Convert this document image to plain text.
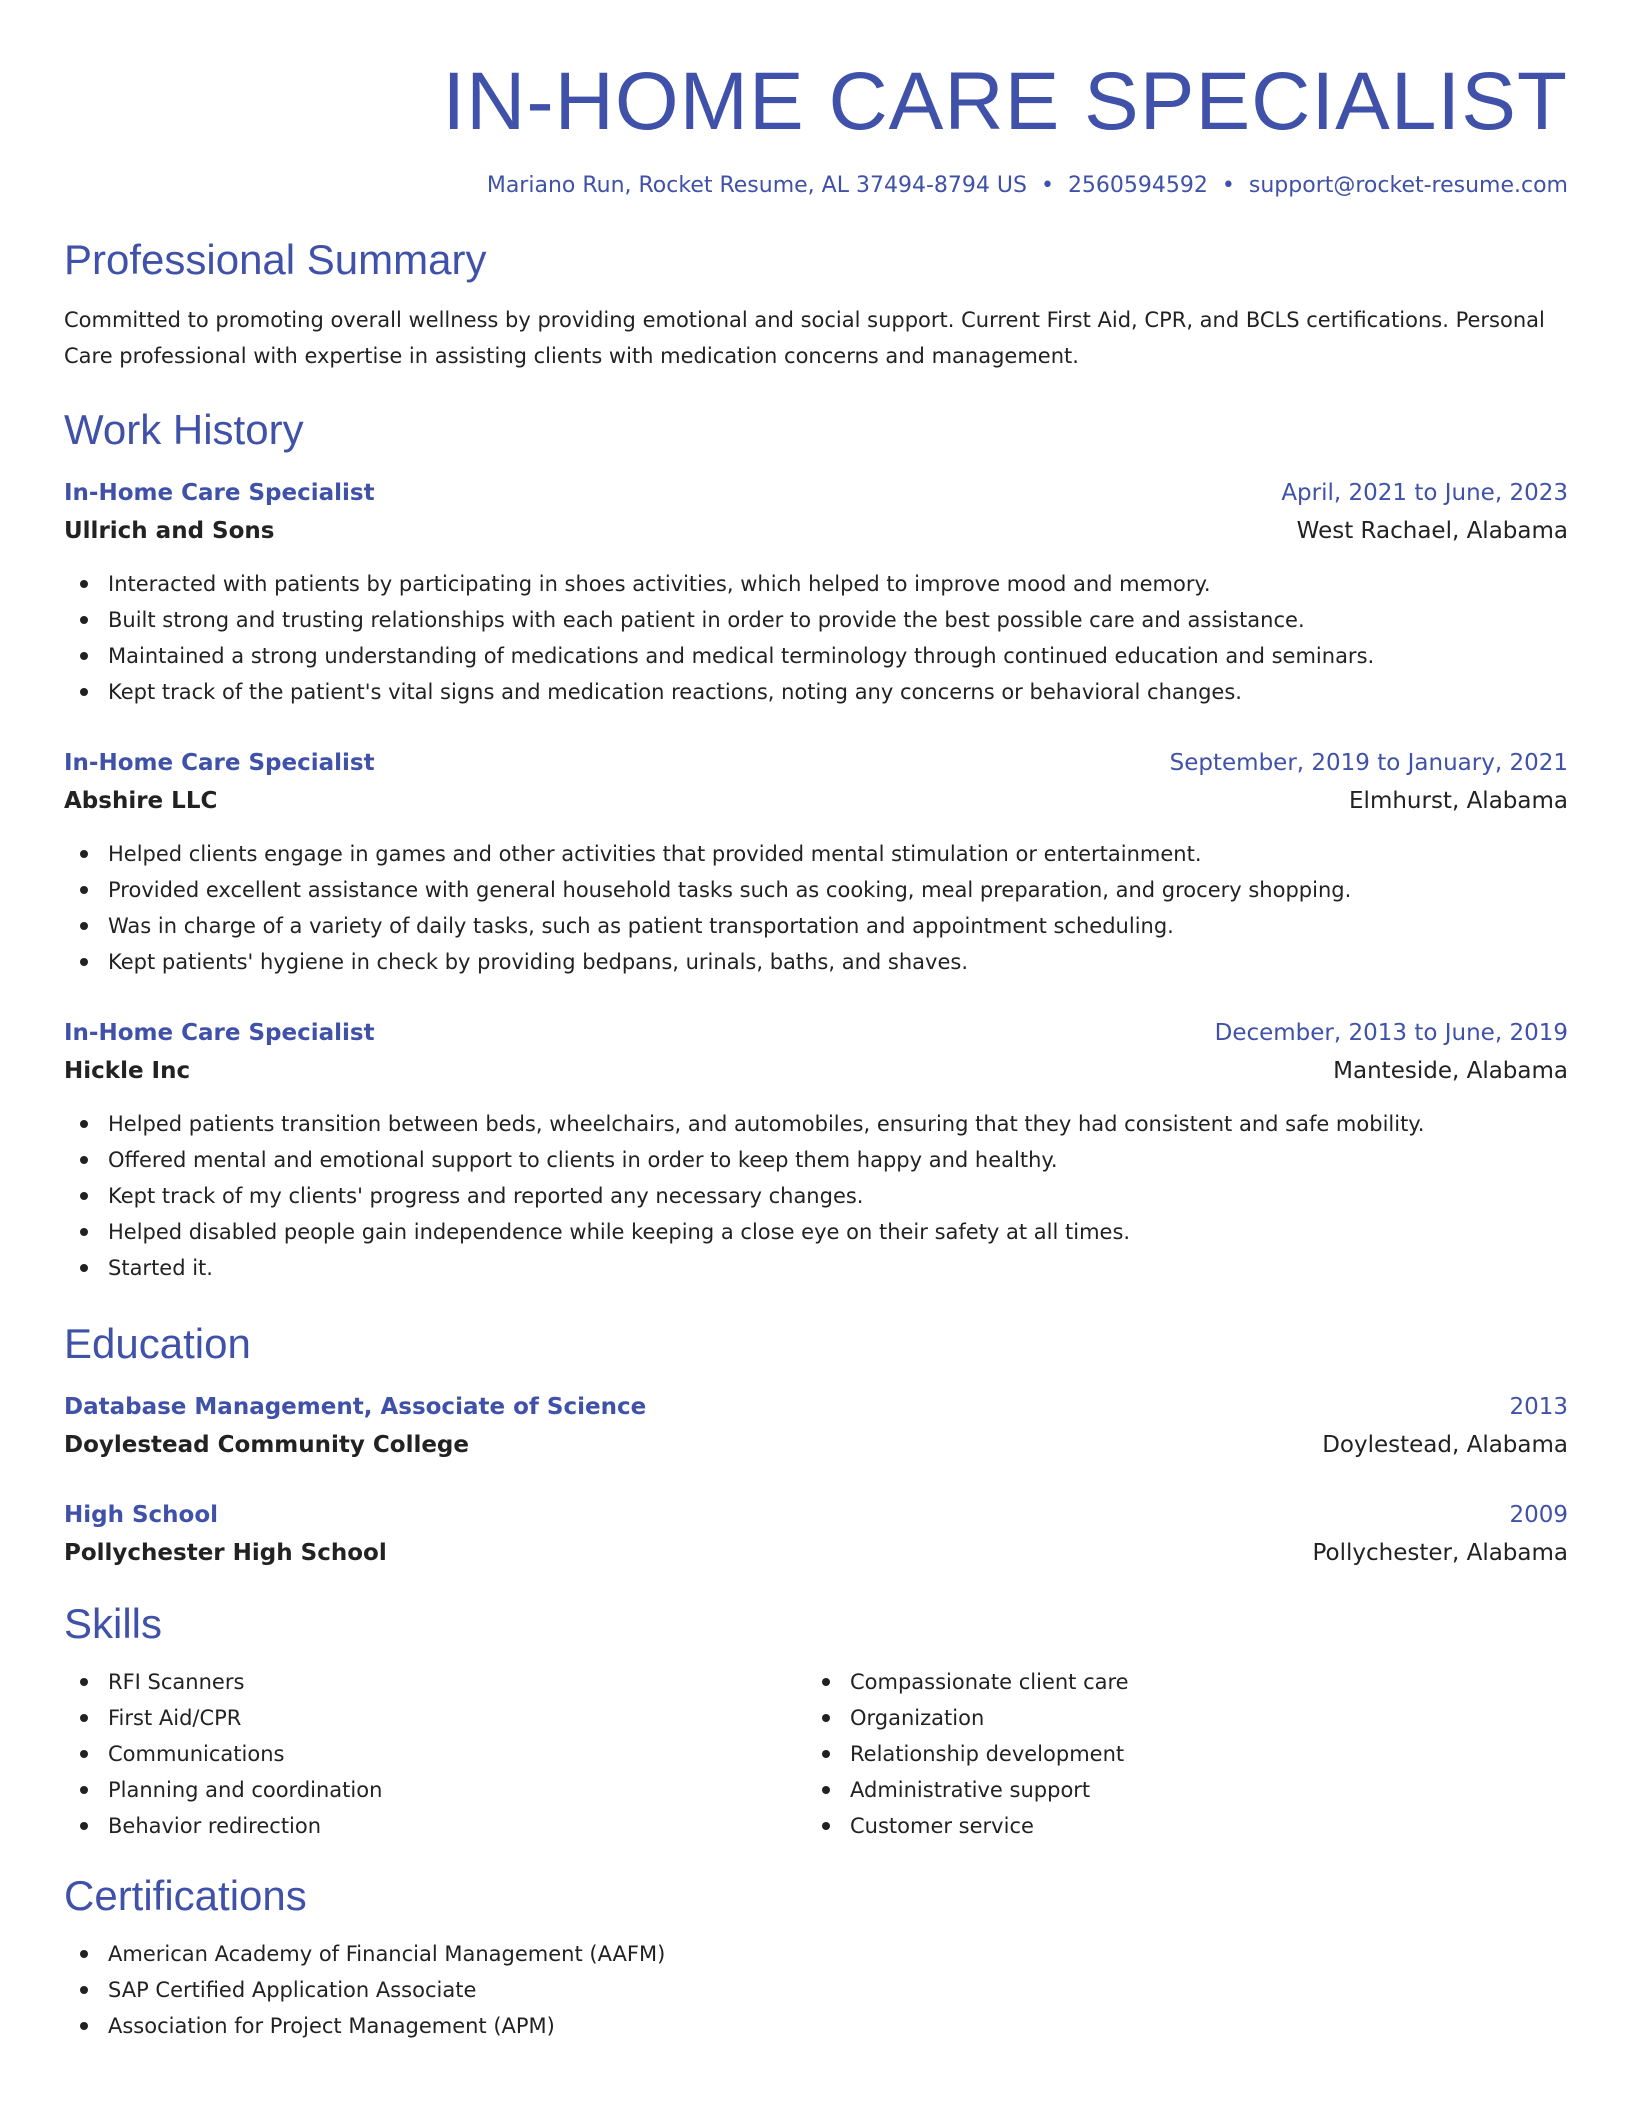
IN-HOME CARE SPECIALIST
Mariano Run, Rocket Resume, AL 37494-8794 US • 2560594592 • support@rocket-resume.com
Professional Summary

Committed to promoting overall wellness by providing emotional and social support. Current First Aid, CPR, and BCLS certifications. Personal Care professional with expertise in assisting clients with medication concerns and management.

Work History
In-Home Care Specialist	April, 2021 to June, 2023
Ullrich and Sons	West Rachael, Alabama
Interacted with patients by participating in shoes activities, which helped to improve mood and memory.
Built strong and trusting relationships with each patient in order to provide the best possible care and assistance.
Maintained a strong understanding of medications and medical terminology through continued education and seminars.
Kept track of the patient's vital signs and medication reactions, noting any concerns or behavioral changes.
In-Home Care Specialist	September, 2019 to January, 2021
Abshire LLC	Elmhurst, Alabama
Helped clients engage in games and other activities that provided mental stimulation or entertainment.
Provided excellent assistance with general household tasks such as cooking, meal preparation, and grocery shopping.
Was in charge of a variety of daily tasks, such as patient transportation and appointment scheduling.
Kept patients' hygiene in check by providing bedpans, urinals, baths, and shaves.
In-Home Care Specialist	December, 2013 to June, 2019
Hickle Inc	Manteside, Alabama
Helped patients transition between beds, wheelchairs, and automobiles, ensuring that they had consistent and safe mobility.
Offered mental and emotional support to clients in order to keep them happy and healthy.
Kept track of my clients' progress and reported any necessary changes.
Helped disabled people gain independence while keeping a close eye on their safety at all times.
Started it.
Education
Database Management, Associate of Science	2013
Doylestead Community College	Doylestead, Alabama
High School	2009
Pollychester High School	Pollychester, Alabama
Skills
RFI Scanners
First Aid/CPR
Communications
Planning and coordination
Behavior redirection
Compassionate client care
Organization
Relationship development
Administrative support
Customer service
Certifications
American Academy of Financial Management (AAFM)
SAP Certified Application Associate
Association for Project Management (APM)
